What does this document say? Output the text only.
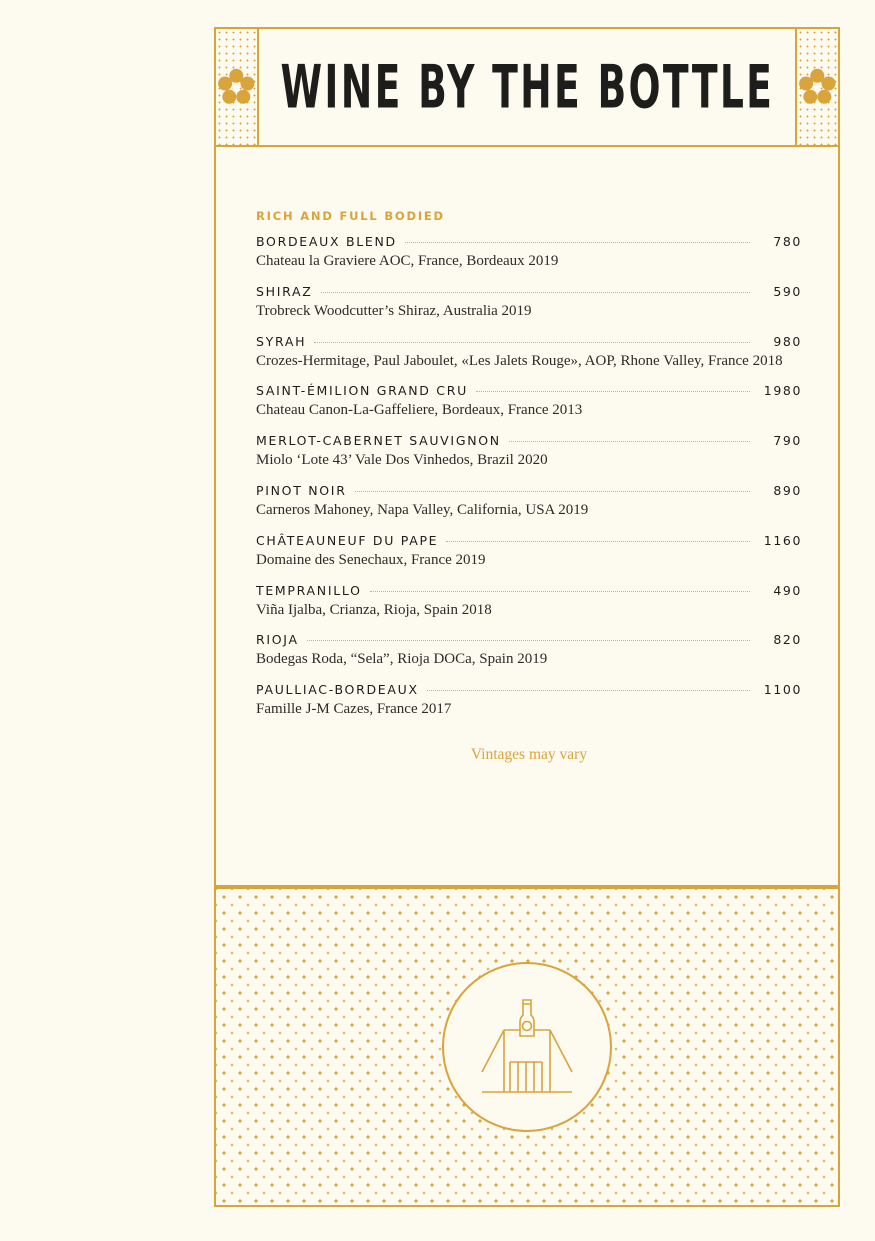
WINE BY THE BOTTLE
RICH AND FULL BODIED
BORDEAUX BLEND	780
Chateau la Graviere AOC, France, Bordeaux 2019
SHIRAZ	590
Trobreck Woodcutter’s Shiraz, Australia 2019
SYRAH	980
Crozes-Hermitage, Paul Jaboulet, «Les Jalets Rouge», AOP, Rhone Valley, France 2018
SAINT-ÉMILION GRAND CRU	1980
Chateau Canon-La-Gaffeliere, Bordeaux, France 2013
MERLOT-CABERNET SAUVIGNON	790
Miolo ‘Lote 43’ Vale Dos Vinhedos, Brazil 2020
PINOT NOIR	890
Carneros Mahoney, Napa Valley, California, USA 2019
CHÂTEAUNEUF DU PAPE	1160
Domaine des Senechaux, France 2019
TEMPRANILLO	490
Viña Ijalba, Crianza, Rioja, Spain 2018
RIOJA	820
Bodegas Roda, “Sela”, Rioja DOCa, Spain 2019
PAULLIAC-BORDEAUX	1100
Famille J-M Cazes, France 2017
Vintages may vary
